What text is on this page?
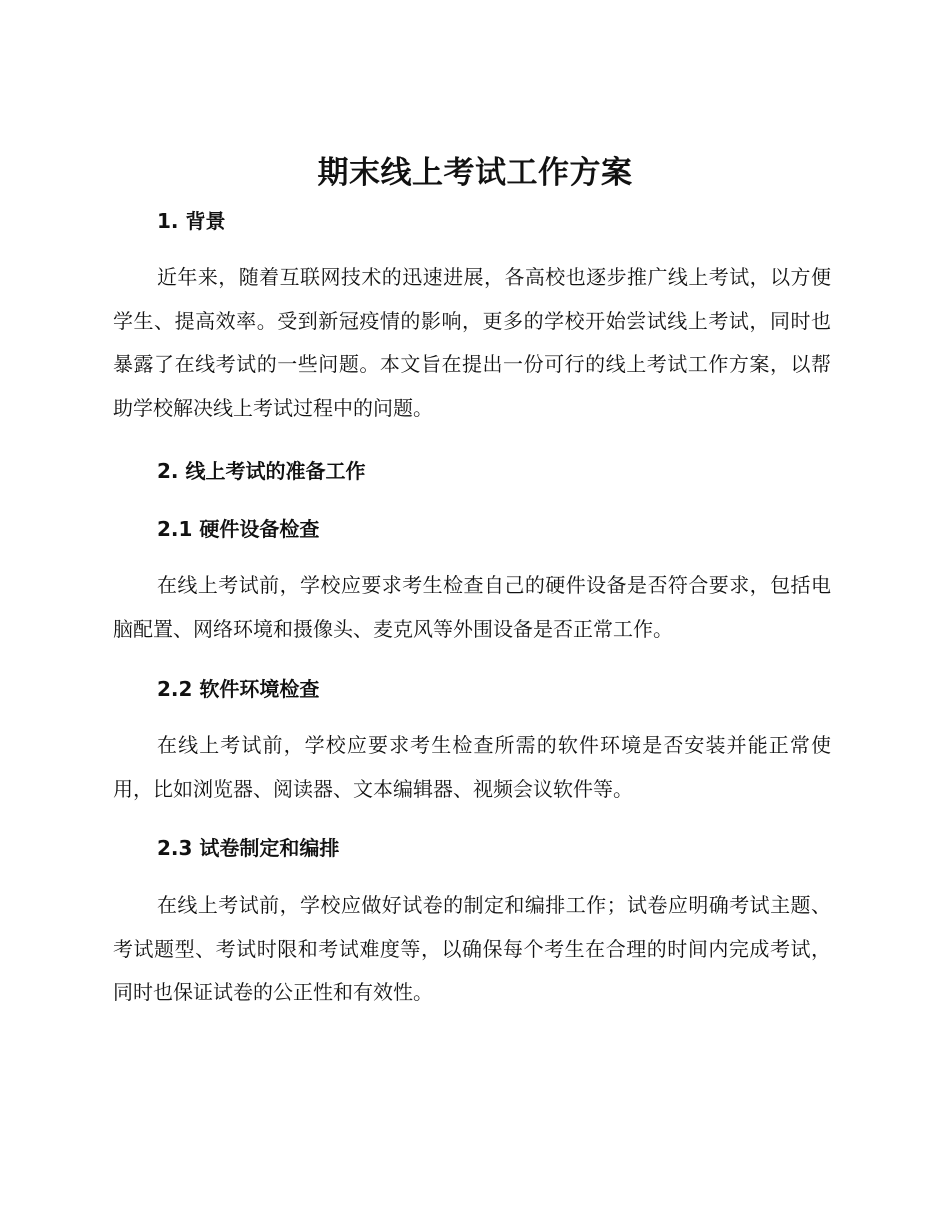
期末线上考试工作方案
1. 背景

近年来，随着互联网技术的迅速进展，各高校也逐步推广线上考试，以方便学生、提高效率。受到新冠疫情的影响，更多的学校开始尝试线上考试，同时也暴露了在线考试的一些问题。本文旨在提出一份可行的线上考试工作方案，以帮助学校解决线上考试过程中的问题。

2. 线上考试的准备工作
2.1 硬件设备检查

在线上考试前，学校应要求考生检查自己的硬件设备是否符合要求，包括电脑配置、网络环境和摄像头、麦克风等外围设备是否正常工作。

2.2 软件环境检查

在线上考试前，学校应要求考生检查所需的软件环境是否安装并能正常使用，比如浏览器、阅读器、文本编辑器、视频会议软件等。

2.3 试卷制定和编排

在线上考试前，学校应做好试卷的制定和编排工作；试卷应明确考试主题、考试题型、考试时限和考试难度等，以确保每个考生在合理的时间内完成考试，同时也保证试卷的公正性和有效性。
